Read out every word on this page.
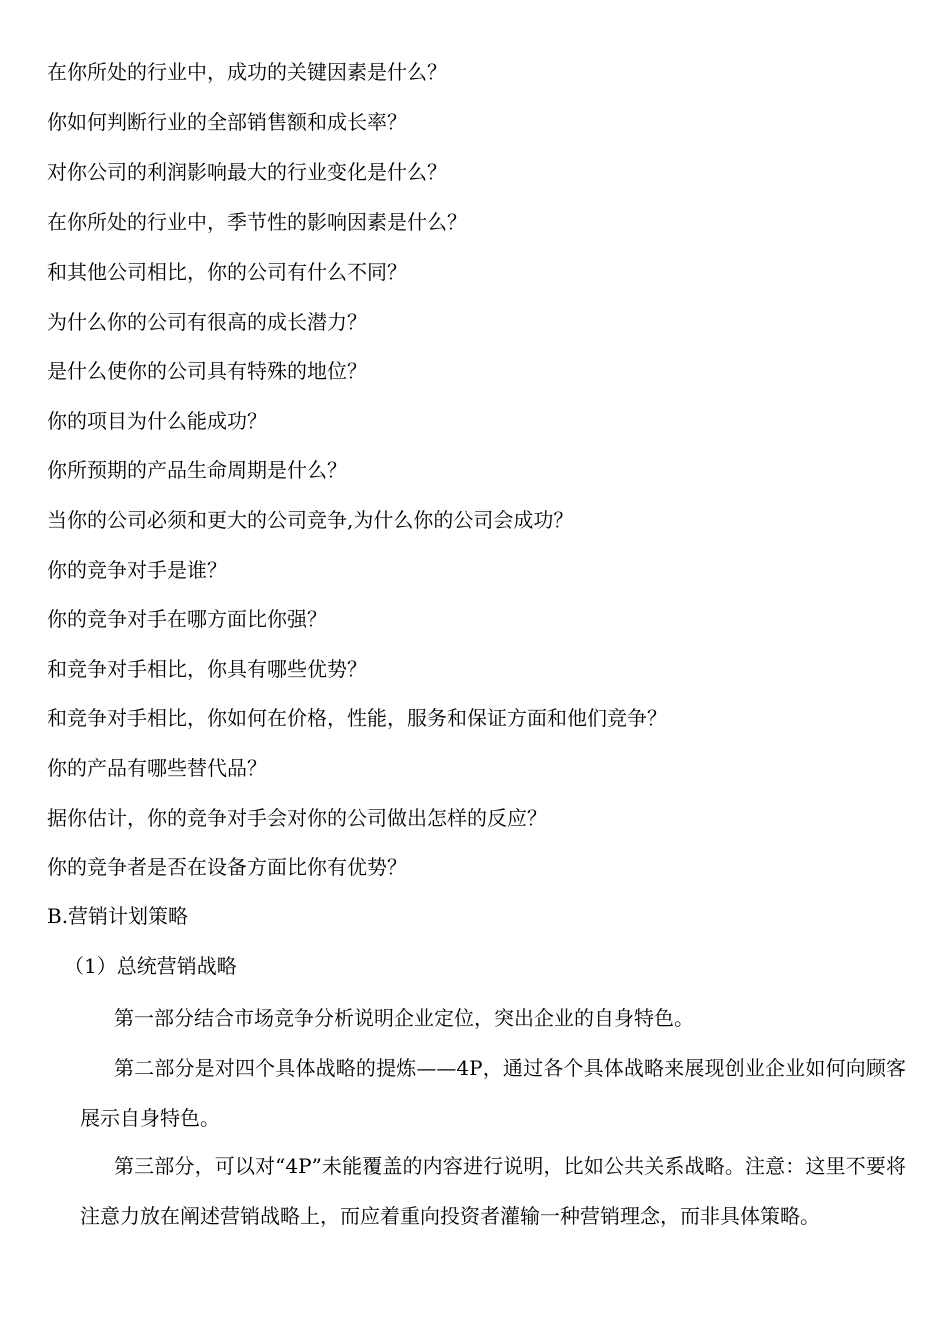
在你所处的行业中，成功的关键因素是什么？
你如何判断行业的全部销售额和成长率？
对你公司的利润影响最大的行业变化是什么？
在你所处的行业中，季节性的影响因素是什么？
和其他公司相比，你的公司有什么不同？
为什么你的公司有很高的成长潜力？
是什么使你的公司具有特殊的地位？
你的项目为什么能成功？
你所预期的产品生命周期是什么？
当你的公司必须和更大的公司竞争,为什么你的公司会成功？
你的竞争对手是谁？
你的竞争对手在哪方面比你强？
和竞争对手相比，你具有哪些优势？
和竞争对手相比，你如何在价格，性能，服务和保证方面和他们竞争？
你的产品有哪些替代品？
据你估计，你的竞争对手会对你的公司做出怎样的反应？
你的竞争者是否在设备方面比你有优势？
B.营销计划策略
（1）总统营销战略
第一部分结合市场竞争分析说明企业定位，突出企业的自身特色。
第二部分是对四个具体战略的提炼——4P，通过各个具体战略来展现创业企业如何向顾客展示自身特色。
第三部分，可以对“4P”未能覆盖的内容进行说明，比如公共关系战略。注意：这里不要将注意力放在阐述营销战略上，而应着重向投资者灌输一种营销理念，而非具体策略。
